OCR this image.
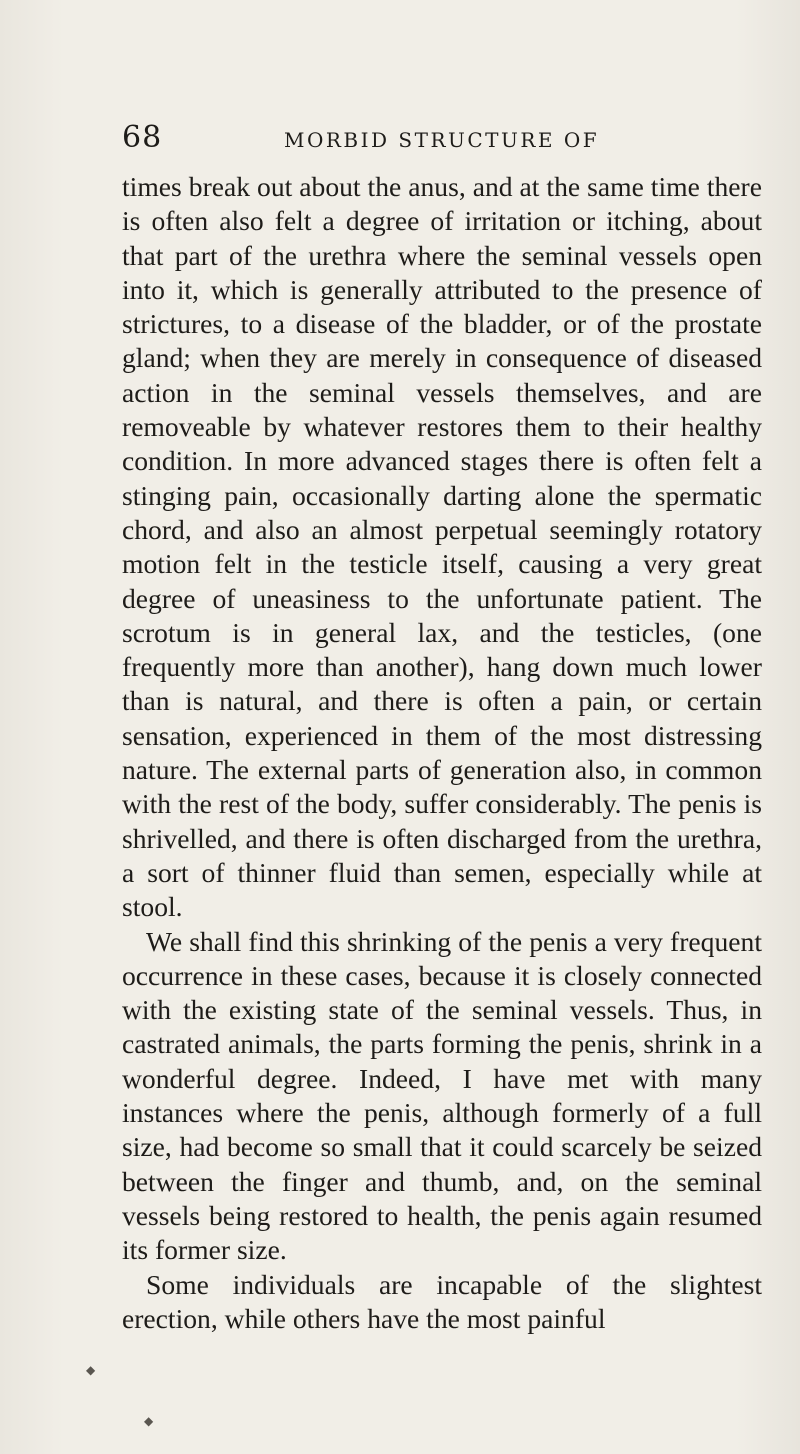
68	MORBID STRUCTURE OF

times break out about the anus, and at the same time there is often also felt a degree of irritation or itching, about that part of the urethra where the seminal vessels open into it, which is generally attributed to the presence of strictures, to a disease of the bladder, or of the prostate gland; when they are merely in consequence of diseased action in the seminal vessels themselves, and are removeable by whatever restores them to their healthy condition. In more advanced stages there is often felt a stinging pain, occasionally darting alone the spermatic chord, and also an almost perpetual seemingly rotatory motion felt in the testicle itself, causing a very great degree of uneasiness to the unfortunate patient. The scrotum is in general lax, and the testicles, (one frequently more than another), hang down much lower than is natural, and there is often a pain, or certain sensation, experienced in them of the most distressing nature. The external parts of generation also, in common with the rest of the body, suffer considerably. The penis is shrivelled, and there is often discharged from the urethra, a sort of thinner fluid than semen, especially while at stool.

We shall find this shrinking of the penis a very frequent occurrence in these cases, because it is closely connected with the existing state of the seminal vessels. Thus, in castrated animals, the parts forming the penis, shrink in a wonderful degree. Indeed, I have met with many instances where the penis, although formerly of a full size, had become so small that it could scarcely be seized between the finger and thumb, and, on the seminal vessels being restored to health, the penis again resumed its former size.

Some individuals are incapable of the slightest erection, while others have the most painful

◆
◆
